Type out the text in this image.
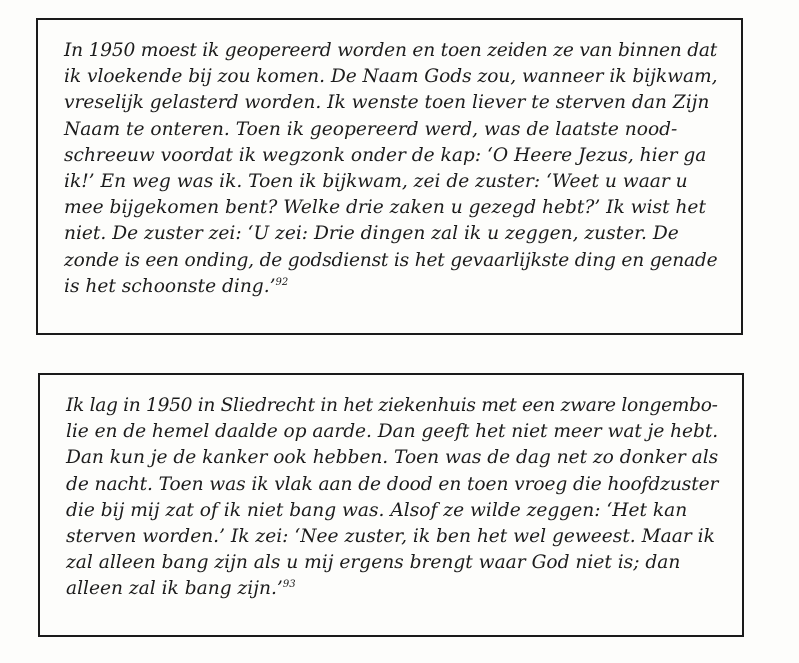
In 1950 moest ik geopereerd worden en toen zeiden ze van binnen dat
ik vloekende bij zou komen. De Naam Gods zou, wanneer ik bijkwam,
vreselijk gelasterd worden. Ik wenste toen liever te sterven dan Zijn
Naam te onteren. Toen ik geopereerd werd, was de laatste nood-
schreeuw voordat ik wegzonk onder de kap: ‘O Heere Jezus, hier ga
ik!’ En weg was ik. Toen ik bijkwam, zei de zuster: ‘Weet u waar u
mee bijgekomen bent? Welke drie zaken u gezegd hebt?’ Ik wist het
niet. De zuster zei: ‘U zei: Drie dingen zal ik u zeggen, zuster. De
zonde is een onding, de godsdienst is het gevaarlijkste ding en genade
is het schoonste ding.’$^{92}$

Ik lag in 1950 in Sliedrecht in het ziekenhuis met een zware longembo-
lie en de hemel daalde op aarde. Dan geeft het niet meer wat je hebt.
Dan kun je de kanker ook hebben. Toen was de dag net zo donker als
de nacht. Toen was ik vlak aan de dood en toen vroeg die hoofdzuster
die bij mij zat of ik niet bang was. Alsof ze wilde zeggen: ‘Het kan
sterven worden.’ Ik zei: ‘Nee zuster, ik ben het wel geweest. Maar ik
zal alleen bang zijn als u mij ergens brengt waar God niet is; dan
alleen zal ik bang zijn.’$^{93}$
